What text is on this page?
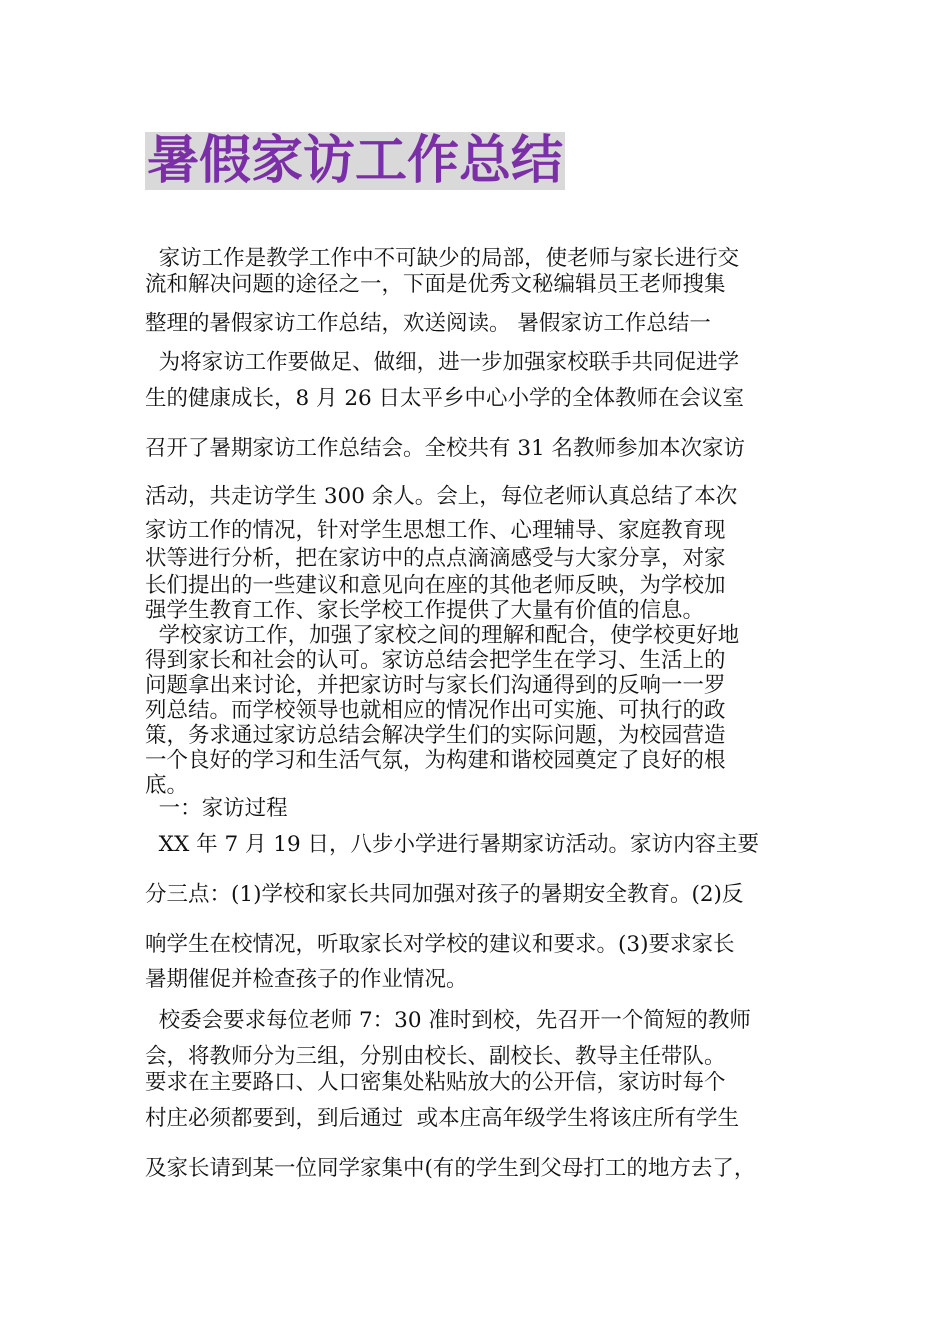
暑假家访工作总结
家访工作是教学工作中不可缺少的局部，使老师与家长进行交
流和解决问题的途径之一，下面是优秀文秘编辑员王老师搜集
整理的暑假家访工作总结，欢送阅读。 暑假家访工作总结一
为将家访工作要做足、做细，进一步加强家校联手共同促进学
生的健康成长，8 月 26 日太平乡中心小学的全体教师在会议室
召开了暑期家访工作总结会。全校共有 31 名教师参加本次家访
活动，共走访学生 300 余人。会上，每位老师认真总结了本次
家访工作的情况，针对学生思想工作、心理辅导、家庭教育现
状等进行分析，把在家访中的点点滴滴感受与大家分享，对家
长们提出的一些建议和意见向在座的其他老师反映，为学校加
强学生教育工作、家长学校工作提供了大量有价值的信息。
学校家访工作，加强了家校之间的理解和配合，使学校更好地
得到家长和社会的认可。家访总结会把学生在学习、生活上的
问题拿出来讨论，并把家访时与家长们沟通得到的反响一一罗
列总结。而学校领导也就相应的情况作出可实施、可执行的政
策，务求通过家访总结会解决学生们的实际问题，为校园营造
一个良好的学习和生活气氛，为构建和谐校园奠定了良好的根
底。
一：家访过程
XX 年 7 月 19 日，八步小学进行暑期家访活动。家访内容主要
分三点：(1)学校和家长共同加强对孩子的暑期安全教育。(2)反
响学生在校情况，听取家长对学校的建议和要求。(3)要求家长
暑期催促并检查孩子的作业情况。
校委会要求每位老师 7：30 准时到校，先召开一个简短的教师
会，将教师分为三组，分别由校长、副校长、教导主任带队。
要求在主要路口、人口密集处粘贴放大的公开信，家访时每个
村庄必须都要到，到后通过  或本庄高年级学生将该庄所有学生
及家长请到某一位同学家集中(有的学生到父母打工的地方去了，
